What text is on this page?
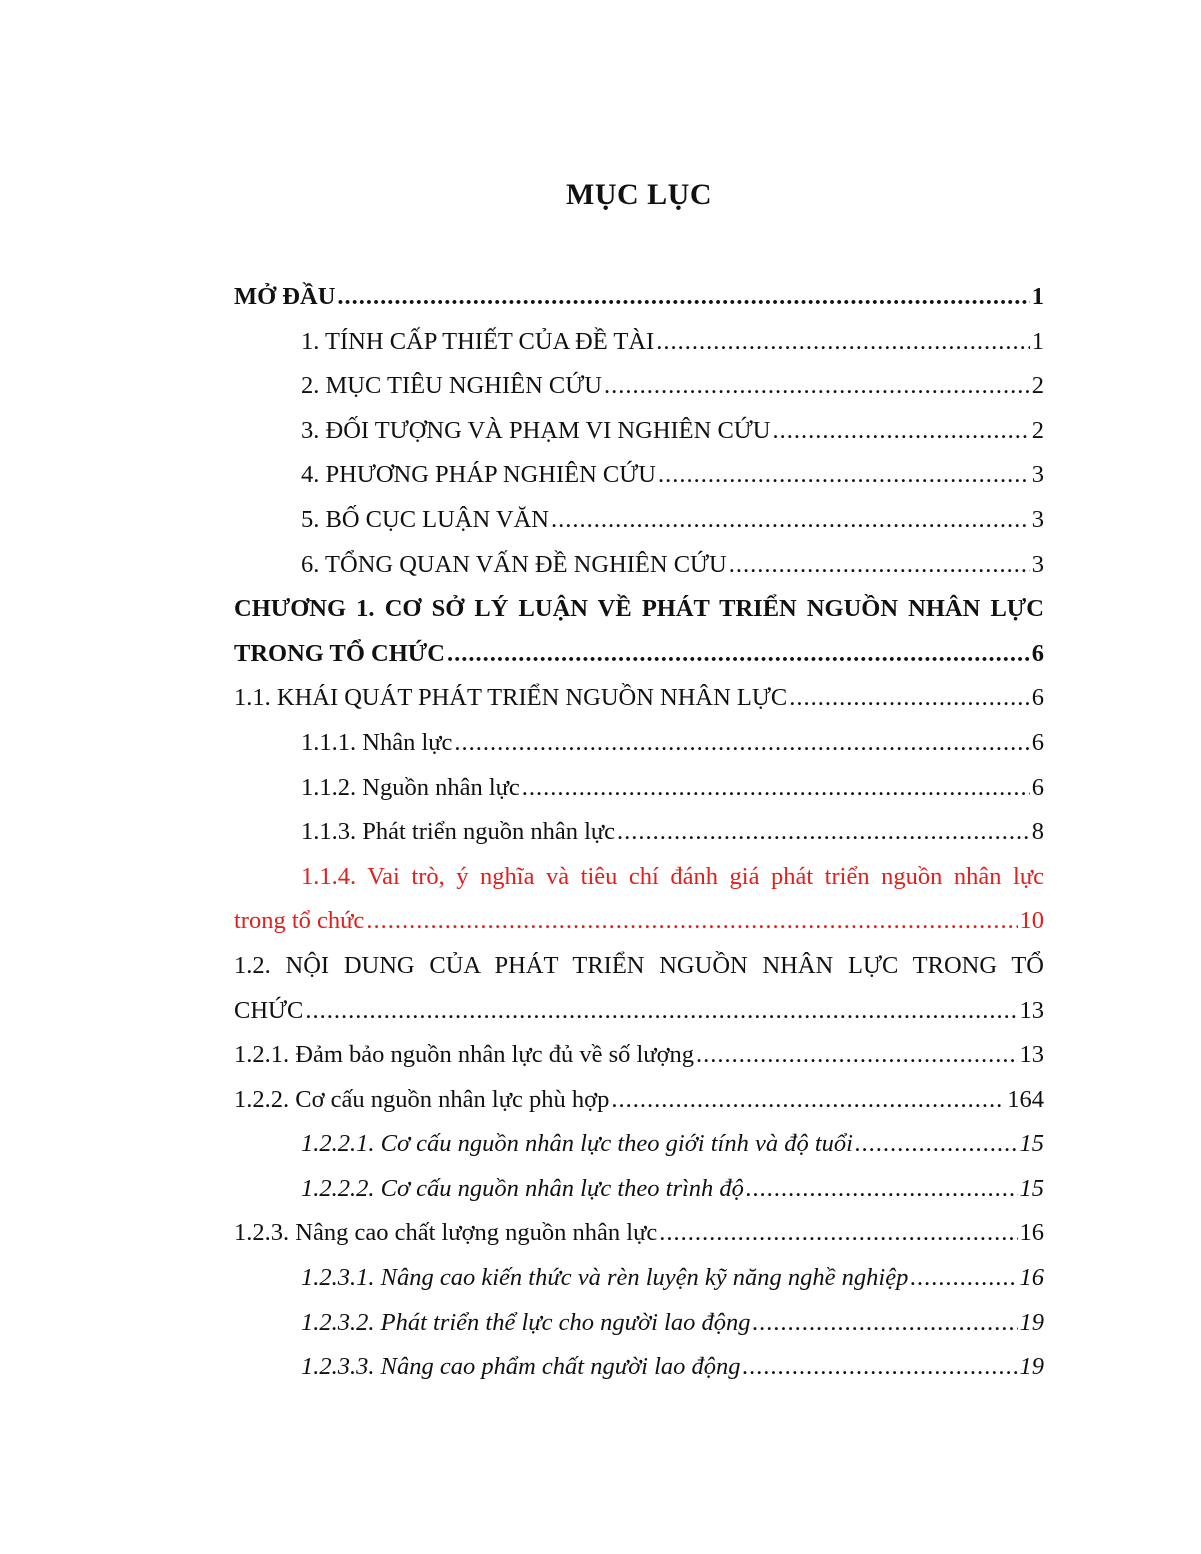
MỤC LỤC
MỞ ĐẦU .....	1
1. TÍNH CẤP THIẾT CỦA ĐỀ TÀI .....	1
2. MỤC TIÊU NGHIÊN CỨU .....	2
3. ĐỐI TƯỢNG VÀ PHẠM VI NGHIÊN CỨU .....	2
4. PHƯƠNG PHÁP NGHIÊN CỨU .....	3
5. BỐ CỤC LUẬN VĂN .....	3
6. TỔNG QUAN VẤN ĐỀ NGHIÊN CỨU .....	3
CHƯƠNG 1. CƠ SỞ LÝ LUẬN VỀ PHÁT TRIỂN NGUỒN NHÂN LỰC
TRONG TỔ CHỨC .....	6
1.1. KHÁI QUÁT PHÁT TRIỂN NGUỒN NHÂN LỰC .....	6
1.1.1. Nhân lực .....	6
1.1.2. Nguồn nhân lực .....	6
1.1.3. Phát triển nguồn nhân lực .....	8
1.1.4. Vai trò, ý nghĩa và tiêu chí đánh giá phát triển nguồn nhân lực
trong tổ chức .....	10
1.2. NỘI DUNG CỦA PHÁT TRIỂN NGUỒN NHÂN LỰC TRONG TỔ
CHỨC .....	13
1.2.1. Đảm bảo nguồn nhân lực đủ về số lượng .....	13
1.2.2. Cơ cấu nguồn nhân lực phù hợp .....	164
1.2.2.1. Cơ cấu nguồn nhân lực theo giới tính và độ tuổi .....	15
1.2.2.2. Cơ cấu nguồn nhân lực theo trình độ .....	15
1.2.3. Nâng cao chất lượng nguồn nhân lực .....	16
1.2.3.1. Nâng cao kiến thức và rèn luyện kỹ năng nghề nghiệp .....	16
1.2.3.2. Phát triển thể lực cho người lao động .....	19
1.2.3.3. Nâng cao phẩm chất người lao động .....	19
